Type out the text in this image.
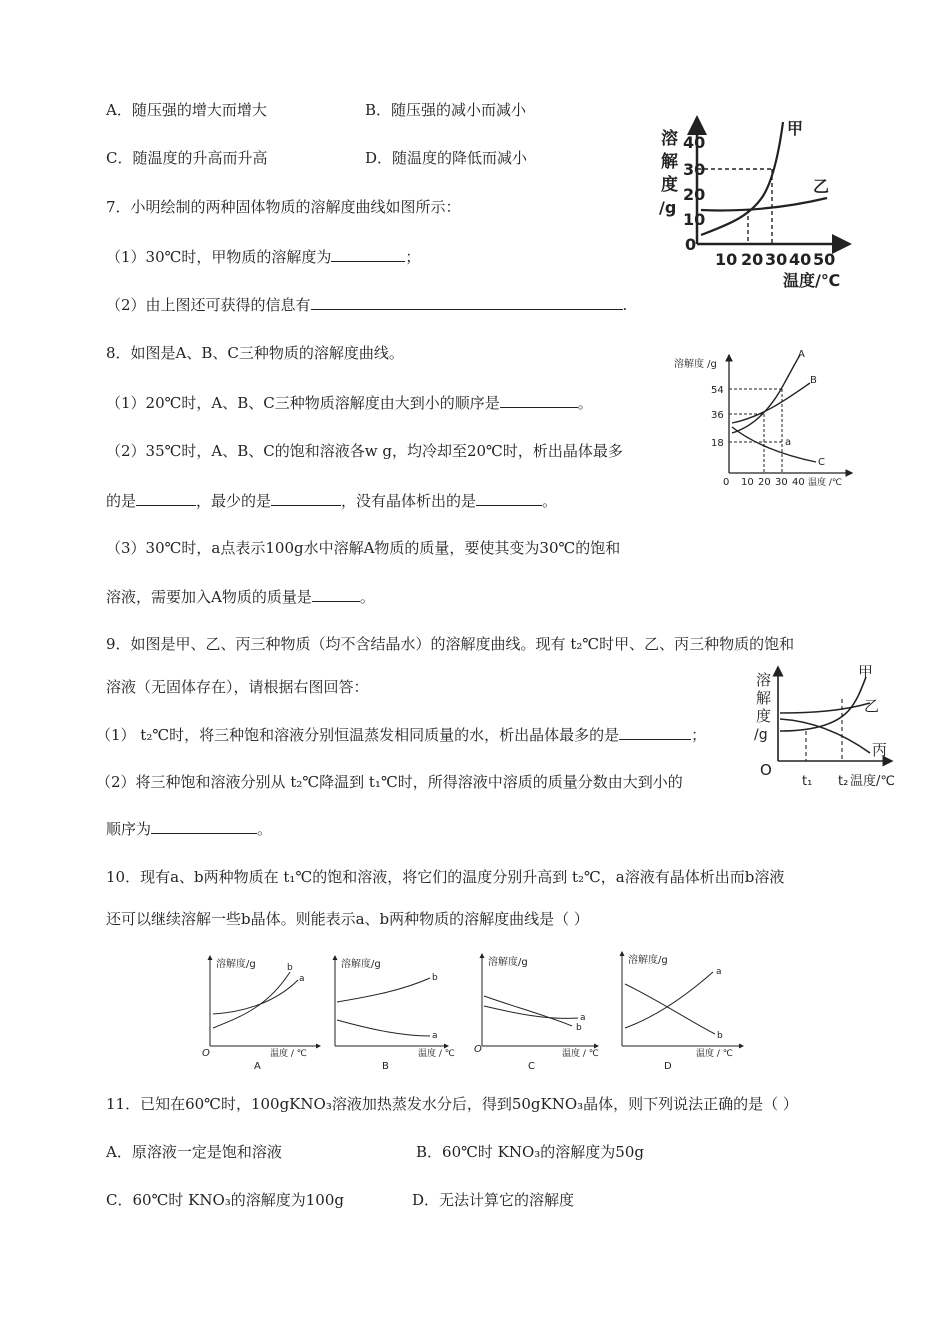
A．随压强的增大而增大	B．随压强的减小而减小
C．随温度的升高而升高	D．随温度的降低而减小
7．小明绘制的两种固体物质的溶解度曲线如图所示：
（1）30℃时，甲物质的溶解度为	；
（2）由上图还可获得的信息有	.
8．如图是A、B、C三种物质的溶解度曲线。
（1）20℃时，A、B、C三种物质溶解度由大到小的顺序是	。
（2）35℃时，A、B、C的饱和溶液各w g，均冷却至20℃时，析出晶体最多
的是	，最少的是	，没有晶体析出的是	。
（3）30℃时，a点表示100g水中溶解A物质的质量，要使其变为30℃的饱和
溶液，需要加入A物质的质量是	。
9．如图是甲、乙、丙三种物质（均不含结晶水）的溶解度曲线。现有 t₂℃时甲、乙、丙三种物质的饱和
溶液（无固体存在），请根据右图回答：
（1） t₂℃时，将三种饱和溶液分别恒温蒸发相同质量的水，析出晶体最多的是	；
（2）将三种饱和溶液分别从 t₂℃降温到 t₁℃时，所得溶液中溶质的质量分数由大到小的
顺序为	。
10．现有a、b两种物质在 t₁℃的饱和溶液，将它们的温度分别升高到 t₂℃，a溶液有晶体析出而b溶液
还可以继续溶解一些b晶体。则能表示a、b两种物质的溶解度曲线是（ ）
11．已知在60℃时，100gKNO₃溶液加热蒸发水分后，得到50gKNO₃晶体，则下列说法正确的是（ ）
A．原溶液一定是饱和溶液	B．60℃时 KNO₃的溶解度为50g
C．60℃时 KNO₃的溶解度为100g	D．无法计算它的溶解度
溶
解
度
/g
40
30
20
10
0
10 20 30 40 50
温度/℃
甲
乙
溶解度 /g
54
36
18
0 10 20 30 40 温度 /℃
A
B
C
a
溶
解
度
/g
O
t₁ t₂ 温度/℃
甲
乙
丙
溶解度/g
O	温度 / ℃
A
b
a
溶解度/g
温度 / ℃
B
b
a
溶解度/g
O	温度 / ℃
C
b
a
溶解度/g
温度 / ℃
D
a
b
